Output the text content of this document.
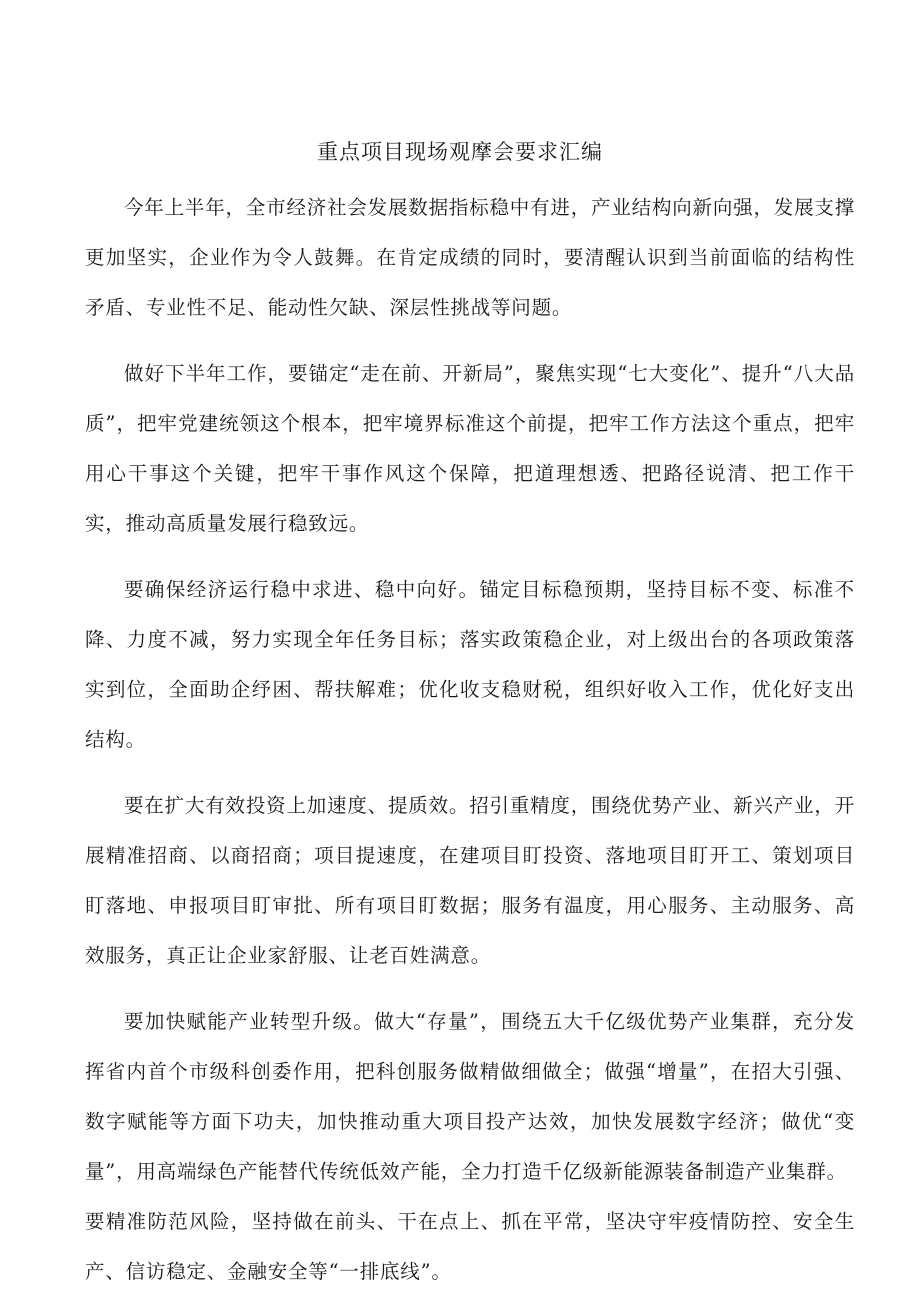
重点项目现场观摩会要求汇编

今年上半年，全市经济社会发展数据指标稳中有进，产业结构向新向强，发展支撑更加坚实，企业作为令人鼓舞。在肯定成绩的同时，要清醒认识到当前面临的结构性矛盾、专业性不足、能动性欠缺、深层性挑战等问题。

做好下半年工作，要锚定“走在前、开新局”，聚焦实现“七大变化”、提升“八大品质”，把牢党建统领这个根本，把牢境界标准这个前提，把牢工作方法这个重点，把牢用心干事这个关键，把牢干事作风这个保障，把道理想透、把路径说清、把工作干实，推动高质量发展行稳致远。

要确保经济运行稳中求进、稳中向好。锚定目标稳预期，坚持目标不变、标准不降、力度不减，努力实现全年任务目标；落实政策稳企业，对上级出台的各项政策落实到位，全面助企纾困、帮扶解难；优化收支稳财税，组织好收入工作，优化好支出结构。

要在扩大有效投资上加速度、提质效。招引重精度，围绕优势产业、新兴产业，开展精准招商、以商招商；项目提速度，在建项目盯投资、落地项目盯开工、策划项目盯落地、申报项目盯审批、所有项目盯数据；服务有温度，用心服务、主动服务、高效服务，真正让企业家舒服、让老百姓满意。

要加快赋能产业转型升级。做大“存量”，围绕五大千亿级优势产业集群，充分发挥省内首个市级科创委作用，把科创服务做精做细做全；做强“增量”，在招大引强、数字赋能等方面下功夫，加快推动重大项目投产达效，加快发展数字经济；做优“变量”，用高端绿色产能替代传统低效产能，全力打造千亿级新能源装备制造产业集群。

要精准防范风险，坚持做在前头、干在点上、抓在平常，坚决守牢疫情防控、安全生产、信访稳定、金融安全等“一排底线”。
